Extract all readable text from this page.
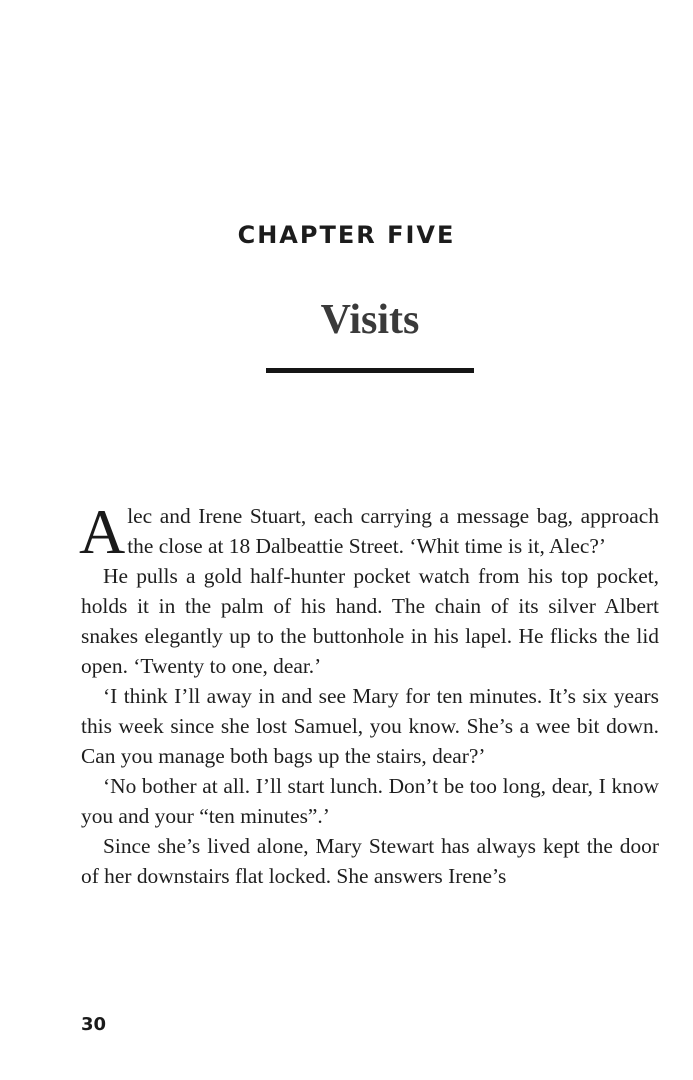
CHAPTER FIVE
Visits

Alec and Irene Stuart, each carrying a message bag, approach the close at 18 Dalbeattie Street. ‘Whit time is it, Alec?’

He pulls a gold half-hunter pocket watch from his top pocket, holds it in the palm of his hand. The chain of its silver Albert snakes elegantly up to the buttonhole in his lapel. He flicks the lid open. ‘Twenty to one, dear.’

‘I think I’ll away in and see Mary for ten minutes. It’s six years this week since she lost Samuel, you know. She’s a wee bit down. Can you manage both bags up the stairs, dear?’

‘No bother at all. I’ll start lunch. Don’t be too long, dear, I know you and your “ten minutes”.’

Since she’s lived alone, Mary Stewart has always kept the door of her downstairs flat locked. She answers Irene’s

30
